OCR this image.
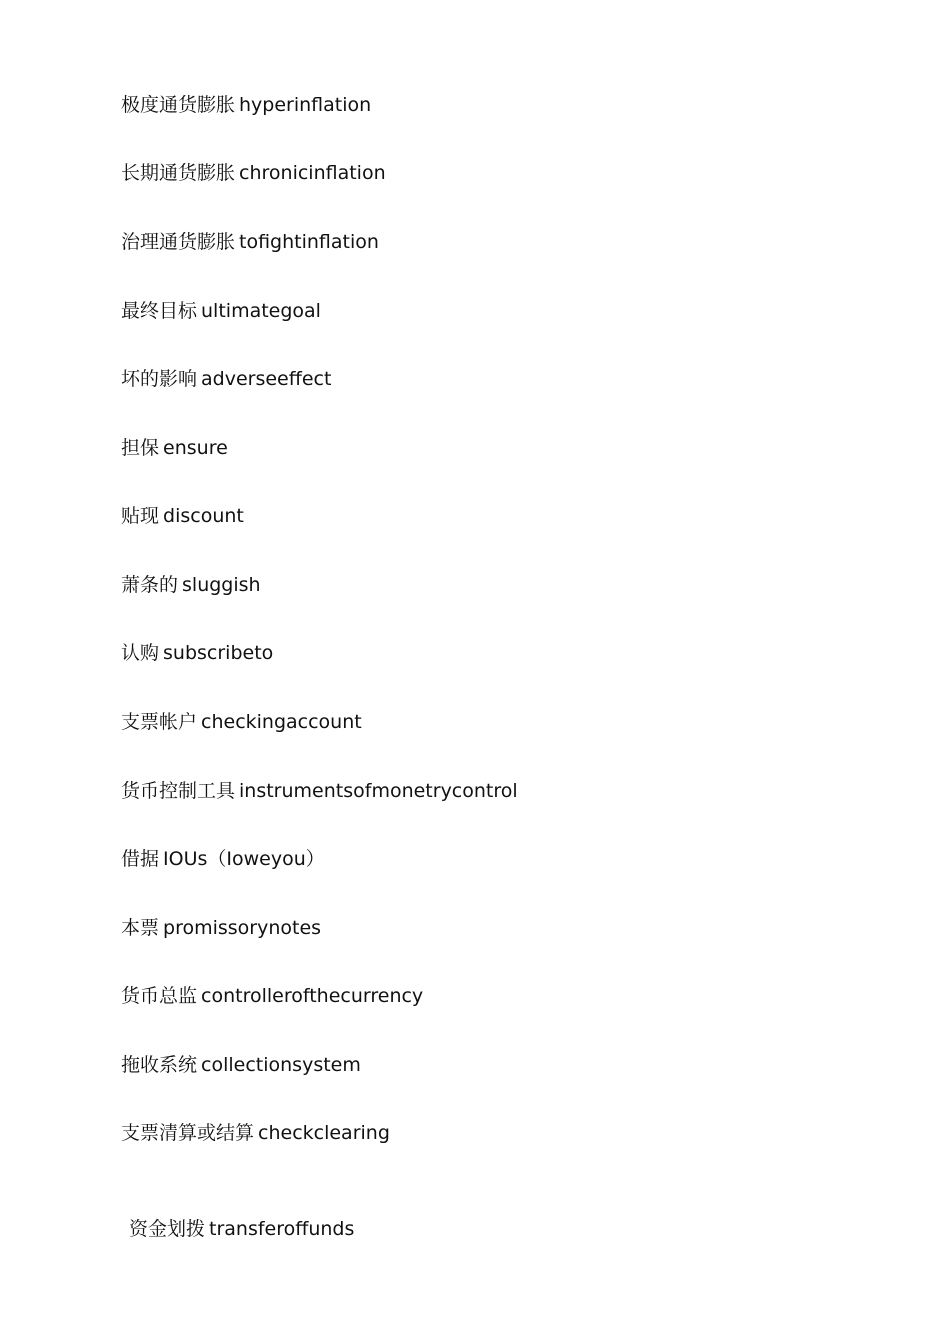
极度通货膨胀 hyperinflation
长期通货膨胀 chronicinflation
治理通货膨胀 tofightinflation
最终目标 ultimategoal
坏的影响 adverseeffect
担保 ensure
贴现 discount
萧条的 sluggish
认购 subscribeto
支票帐户 checkingaccount
货币控制工具 instrumentsofmonetrycontrol
借据 IOUs（Ioweyou）
本票 promissorynotes
货币总监 controllerofthecurrency
拖收系统 collectionsystem
支票清算或结算 checkclearing
资金划拨 transferoffunds
